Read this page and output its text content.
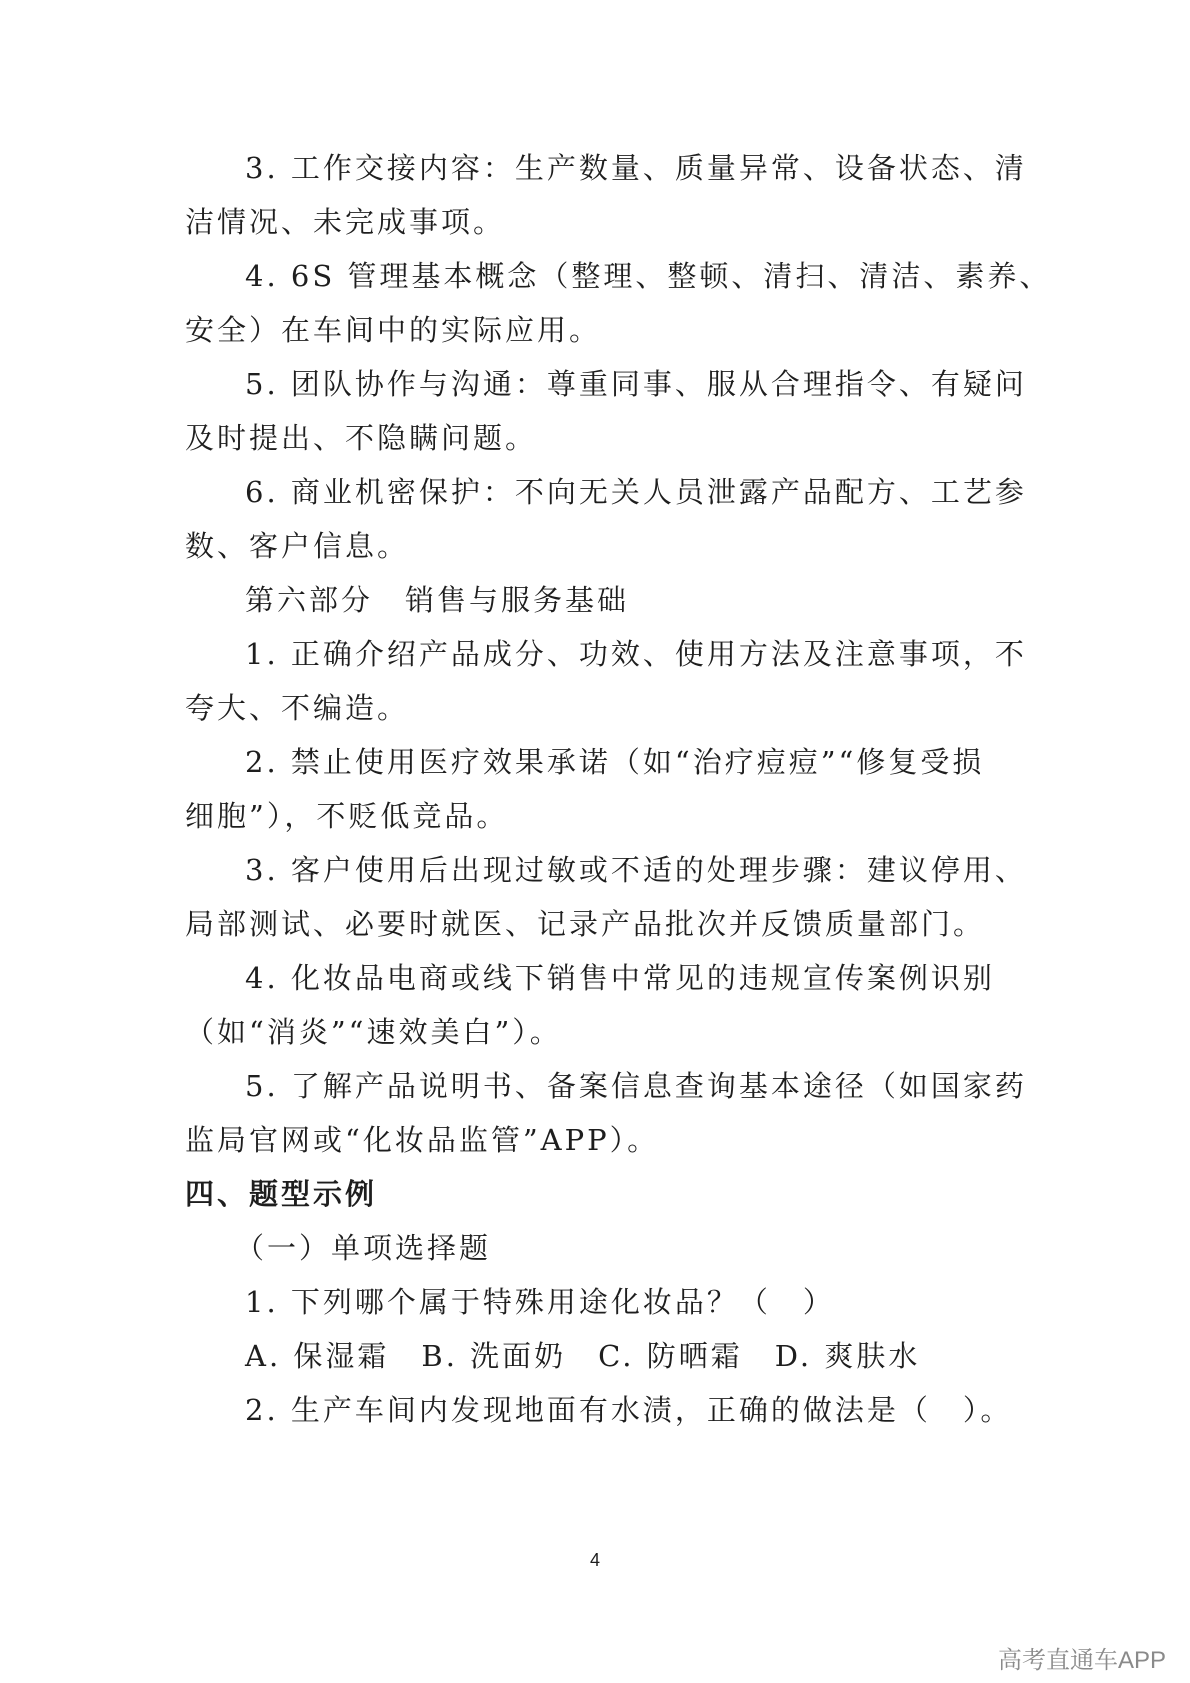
3. 工作交接内容：生产数量、质量异常、设备状态、清
洁情况、未完成事项。
4. 6S 管理基本概念（整理、整顿、清扫、清洁、素养、
安全）在车间中的实际应用。
5. 团队协作与沟通：尊重同事、服从合理指令、有疑问
及时提出、不隐瞒问题。
6. 商业机密保护：不向无关人员泄露产品配方、工艺参
数、客户信息。
第六部分　销售与服务基础
1. 正确介绍产品成分、功效、使用方法及注意事项，不
夸大、不编造。
2. 禁止使用医疗效果承诺（如“治疗痘痘”“修复受损
细胞”），不贬低竞品。
3. 客户使用后出现过敏或不适的处理步骤：建议停用、
局部测试、必要时就医、记录产品批次并反馈质量部门。
4. 化妆品电商或线下销售中常见的违规宣传案例识别
（如“消炎”“速效美白”）。
5. 了解产品说明书、备案信息查询基本途径（如国家药
监局官网或“化妆品监管”APP）。
四、题型示例
（一）单项选择题
1. 下列哪个属于特殊用途化妆品？（　）
A. 保湿霜　B. 洗面奶　C. 防晒霜　D. 爽肤水
2. 生产车间内发现地面有水渍，正确的做法是（　）。
4
高考直通车APP
